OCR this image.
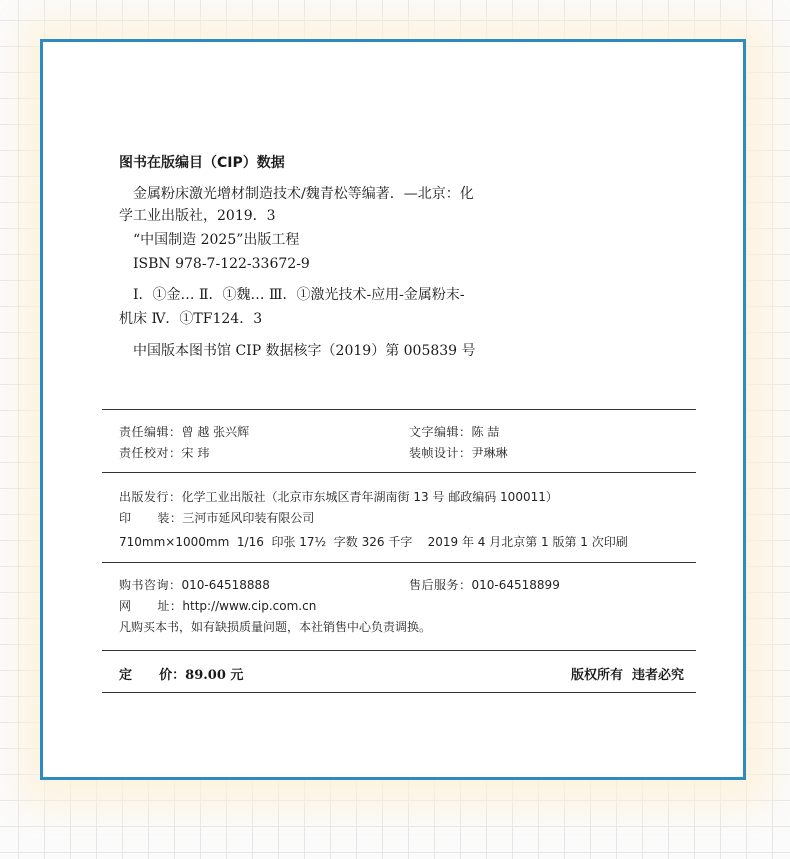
图书在版编目（CIP）数据
金属粉床激光增材制造技术/魏青松等编著．—北京：化
学工业出版社，2019．3
“中国制造 2025”出版工程
ISBN 978-7-122-33672-9
Ⅰ．①金… Ⅱ．①魏… Ⅲ．①激光技术-应用-金属粉末-
机床 Ⅳ．①TF124．3
中国版本图书馆 CIP 数据核字（2019）第 005839 号
责任编辑：曾 越 张兴辉	文字编辑：陈 喆
责任校对：宋 玮	装帧设计：尹琳琳
出版发行：化学工业出版社（北京市东城区青年湖南街 13 号 邮政编码 100011）
印      装：三河市延风印装有限公司
710mm×1000mm  1/16  印张 17½  字数 326 千字    2019 年 4 月北京第 1 版第 1 次印刷
购书咨询：010-64518888	售后服务：010-64518899
网      址：http://www.cip.com.cn
凡购买本书，如有缺损质量问题，本社销售中心负责调换。
定      价：89.00 元	版权所有  违者必究
